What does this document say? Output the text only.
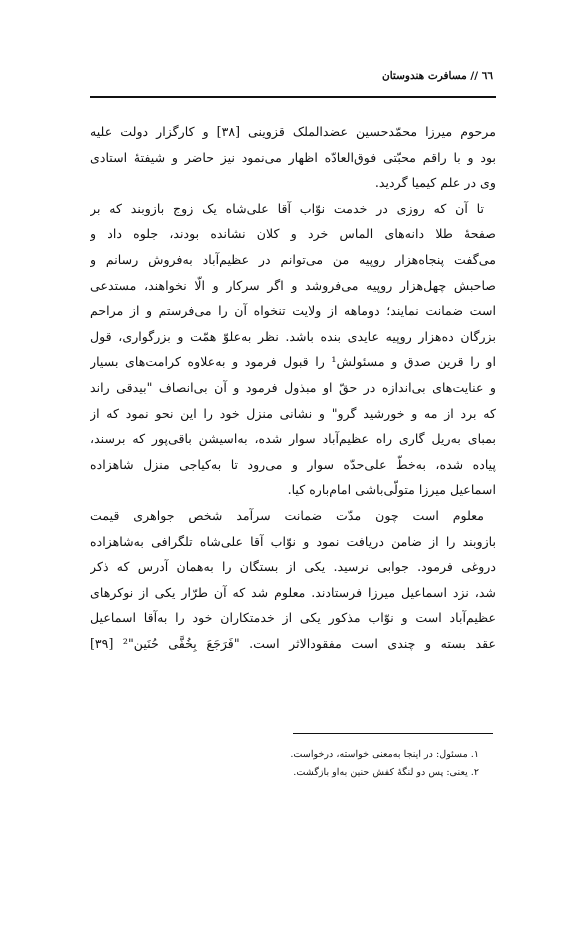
٦٦ // مسافرت هندوستان
مرحوم میرزا محمّدحسین عضدالملک قزوینی [۳۸] و کارگزار دولت علیه
بود و با راقم محبّتی فوق‌العادّه اظهار می‌نمود نیز حاضر و شیفتهٔ استادی
وی در علم کیمیا گردید.
تا آن که روزی در خدمت نوّاب آقا علی‌شاه یک زوج بازوبند که بر
صفحهٔ طلا دانه‌های الماس خرد و کلان نشانده بودند، جلوه داد و
می‌گفت پنجاه‌هزار روپیه من می‌توانم در عظیم‌آباد به‌فروش رسانم و
صاحبش چهل‌هزار روپیه می‌فروشد و اگر سرکار و الّا نخواهند، مستدعی
است ضمانت نمایند؛ دوماهه از ولایت تنخواه آن را می‌فرستم و از مراحم
بزرگان ده‌هزار روپیه عایدی بنده باشد. نظر به‌علوّ همّت و بزرگواری، قول
او را قرین صدق و مسئولش¹ را قبول فرمود و به‌علاوه کرامت‌های بسیار
و عنایت‌های بی‌اندازه در حقّ او مبذول فرمود و آن بی‌انصاف "بیدقی راند
که برد از مه و خورشید گرو" و نشانی منزل خود را این نحو نمود که از
بمبای به‌ریل گاری راه عظیم‌آباد سوار شده، به‌اسیشن باقی‌پور که برسند،
پیاده شده، به‌خطّ علی‌حدّه سوار و می‌رود تا به‌کیاجی منزل شاهزاده
اسماعیل میرزا متولّی‌باشی امام‌باره کیا.
معلوم است چون مدّت ضمانت سرآمد شخص جواهری قیمت
بازوبند را از ضامن دریافت نمود و نوّاب آقا علی‌شاه تلگرافی به‌شاهزاده
دروغی فرمود. جوابی نرسید. یکی از بستگان را به‌همان آدرس که ذکر
شد، نزد اسماعیل میرزا فرستادند. معلوم شد که آن طرّار یکی از نوکرهای
عظیم‌آباد است و نوّاب مذکور یکی از خدمتکاران خود را به‌آقا اسماعیل
عقد بسته و چندی است مفقودالاثر است. "فَرَجَعَ بِخُفَّی حُنَین"² [۳۹]
۱. مسئول: در اینجا به‌معنی خواسته، درخواست.
۲. یعنی: پس دو لنگهٔ کفش حنین به‌او بازگشت.
